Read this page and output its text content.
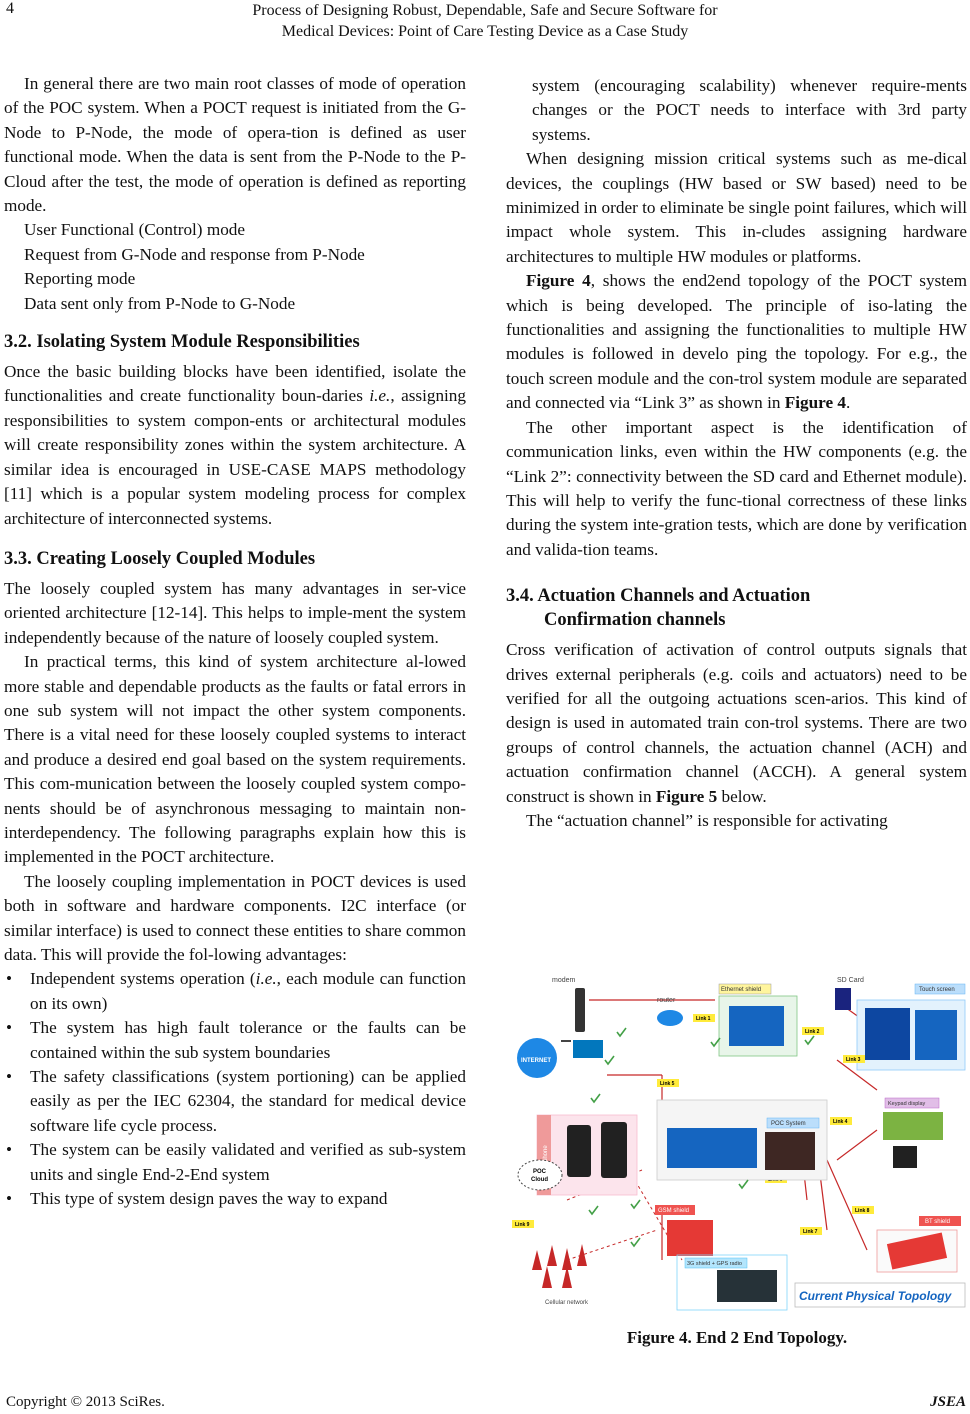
4	Process of Designing Robust, Dependable, Safe and Secure Software for
Medical Devices: Point of Care Testing Device as a Case Study

In general there are two main root classes of mode of operation of the POC system. When a POCT request is initiated from the G-Node to P-Node, the mode of opera-tion is defined as user functional mode. When the data is sent from the P-Node to the P-Cloud after the test, the mode of operation is defined as reporting mode.

User Functional (Control) mode

Request from G-Node and response from P-Node

Reporting mode

Data sent only from P-Node to G-Node

3.2. Isolating System Module Responsibilities

Once the basic building blocks have been identified, isolate the functionalities and create functionality boun-daries i.e., assigning responsibilities to system compon-ents or architectural modules will create responsibility zones within the system architecture. A similar idea is encouraged in USE-CASE MAPS methodology [11] which is a popular system modeling process for complex architecture of interconnected systems.

3.3. Creating Loosely Coupled Modules

The loosely coupled system has many advantages in ser-vice oriented architecture [12-14]. This helps to imple-ment the system independently because of the nature of loosely coupled system.

In practical terms, this kind of system architecture al-lowed more stable and dependable products as the faults or fatal errors in one sub system will not impact the other system components. There is a vital need for these loosely coupled systems to interact and produce a desired end goal based on the system requirements. This com-munication between the loosely coupled system compo-nents should be of asynchronous messaging to maintain non-interdependency. The following paragraphs explain how this is implemented in the POCT architecture.

The loosely coupling implementation in POCT devices is used both in software and hardware components. I2C interface (or similar interface) is used to connect these entities to share common data. This will provide the fol-lowing advantages:

• Independent systems operation (i.e., each module can function on its own)
• The system has high fault tolerance or the faults can be contained within the sub system boundaries
• The safety classifications (system portioning) can be applied easily as per the IEC 62304, the standard for medical device software life cycle process.
• The system can be easily validated and verified as sub-system units and single End-2-End system
• This type of system design paves the way to expand

system (encouraging scalability) whenever require-ments changes or the POCT needs to interface with 3rd party systems.

When designing mission critical systems such as me-dical devices, the couplings (HW based or SW based) need to be minimized in order to eliminate be single point failures, which will impact whole system. This in-cludes assigning hardware architectures to multiple HW modules or platforms.

Figure 4, shows the end2end topology of the POCT system which is being developed. The principle of iso-lating the functionalities and assigning the functionalities to multiple HW modules is followed in develo ping the topology. For e.g., the touch screen module and the con-trol system module are separated and connected via “Link 3” as shown in Figure 4.

The other important aspect is the identification of communication links, even within the HW components (e.g. the “Link 2”: connectivity between the SD card and Ethernet module). This will help to verify the func-tional correctness of these links during the system inte-gration tests, which are done by verification and valida-tion teams.

3.4. Actuation Channels and Actuation
Confirmation channels

Cross verification of activation of control outputs signals that drives external peripherals (e.g. coils and actuators) need to be verified for all the outgoing actuations scen-arios. This kind of design is used in automated train con-trol systems. There are two groups of control channels, the actuation channel (ACH) and actuation confirmation channel (ACCH). A general system construct is shown in Figure 5 below.

The “actuation channel” is responsible for activating

modem
router
Ethernet shield
SD Card
Touch screen
INTERNET
Link 1
Link 2
Link 3
Link 4
Link 5
Link 7
Link 8
Link 9
POC System
Keypad display
GSM shield
BT shield
POC
Cloud
3G shield + GPS radio
Cellular network	Current Physical Topology
Figure 4. End 2 End Topology.
Copyright © 2013 SciRes.	JSEA
